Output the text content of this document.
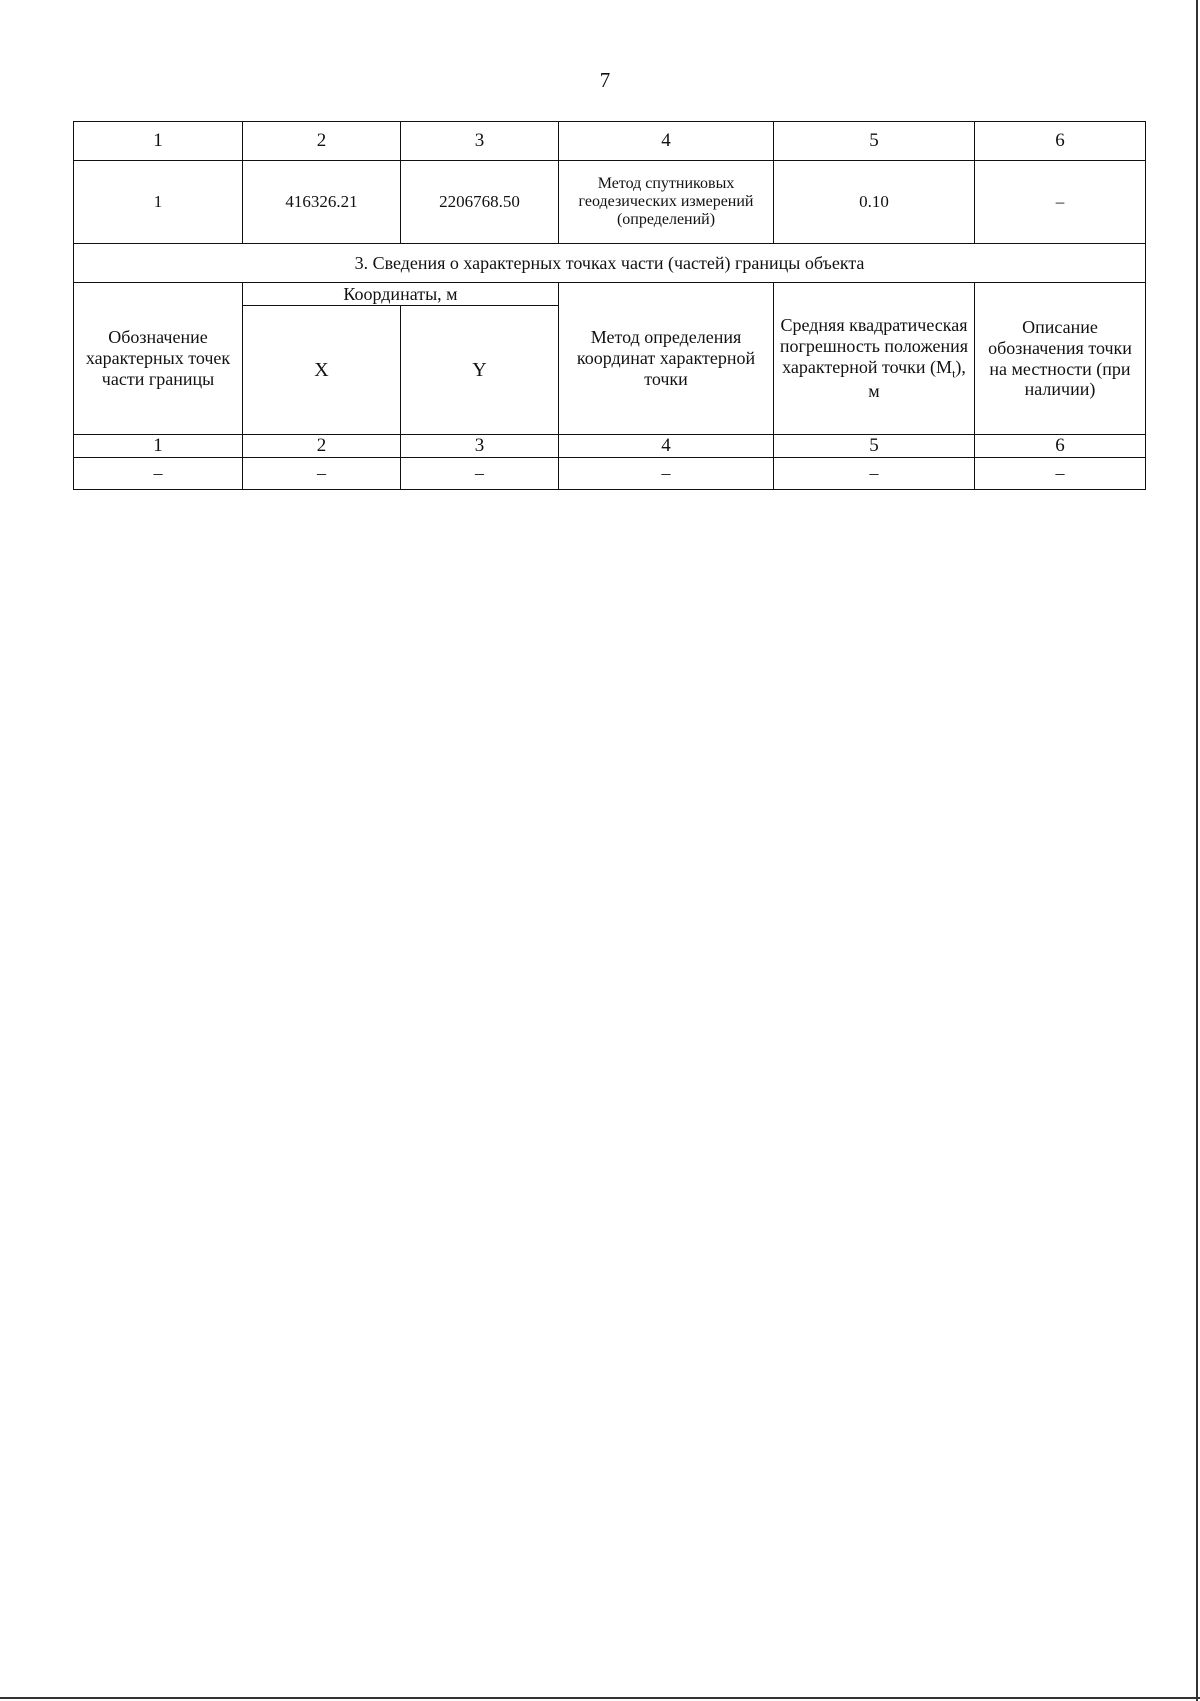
7
1	2	3	4	5	6
1	416326.21	2206768.50	Метод спутниковых геодезических измерений (определений)	0.10	–
3. Сведения о характерных точках части (частей) границы объекта					
Обозначение характерных точек части границы	Координаты, м		Метод определения координат характерной точки	Средняя квадратическая погрешность положения характерной точки $(M_t)$, м	Описание обозначения точки на местности (при наличии)
	X	Y			
1	2	3	4	5	6
–	–	–	–	–	–
